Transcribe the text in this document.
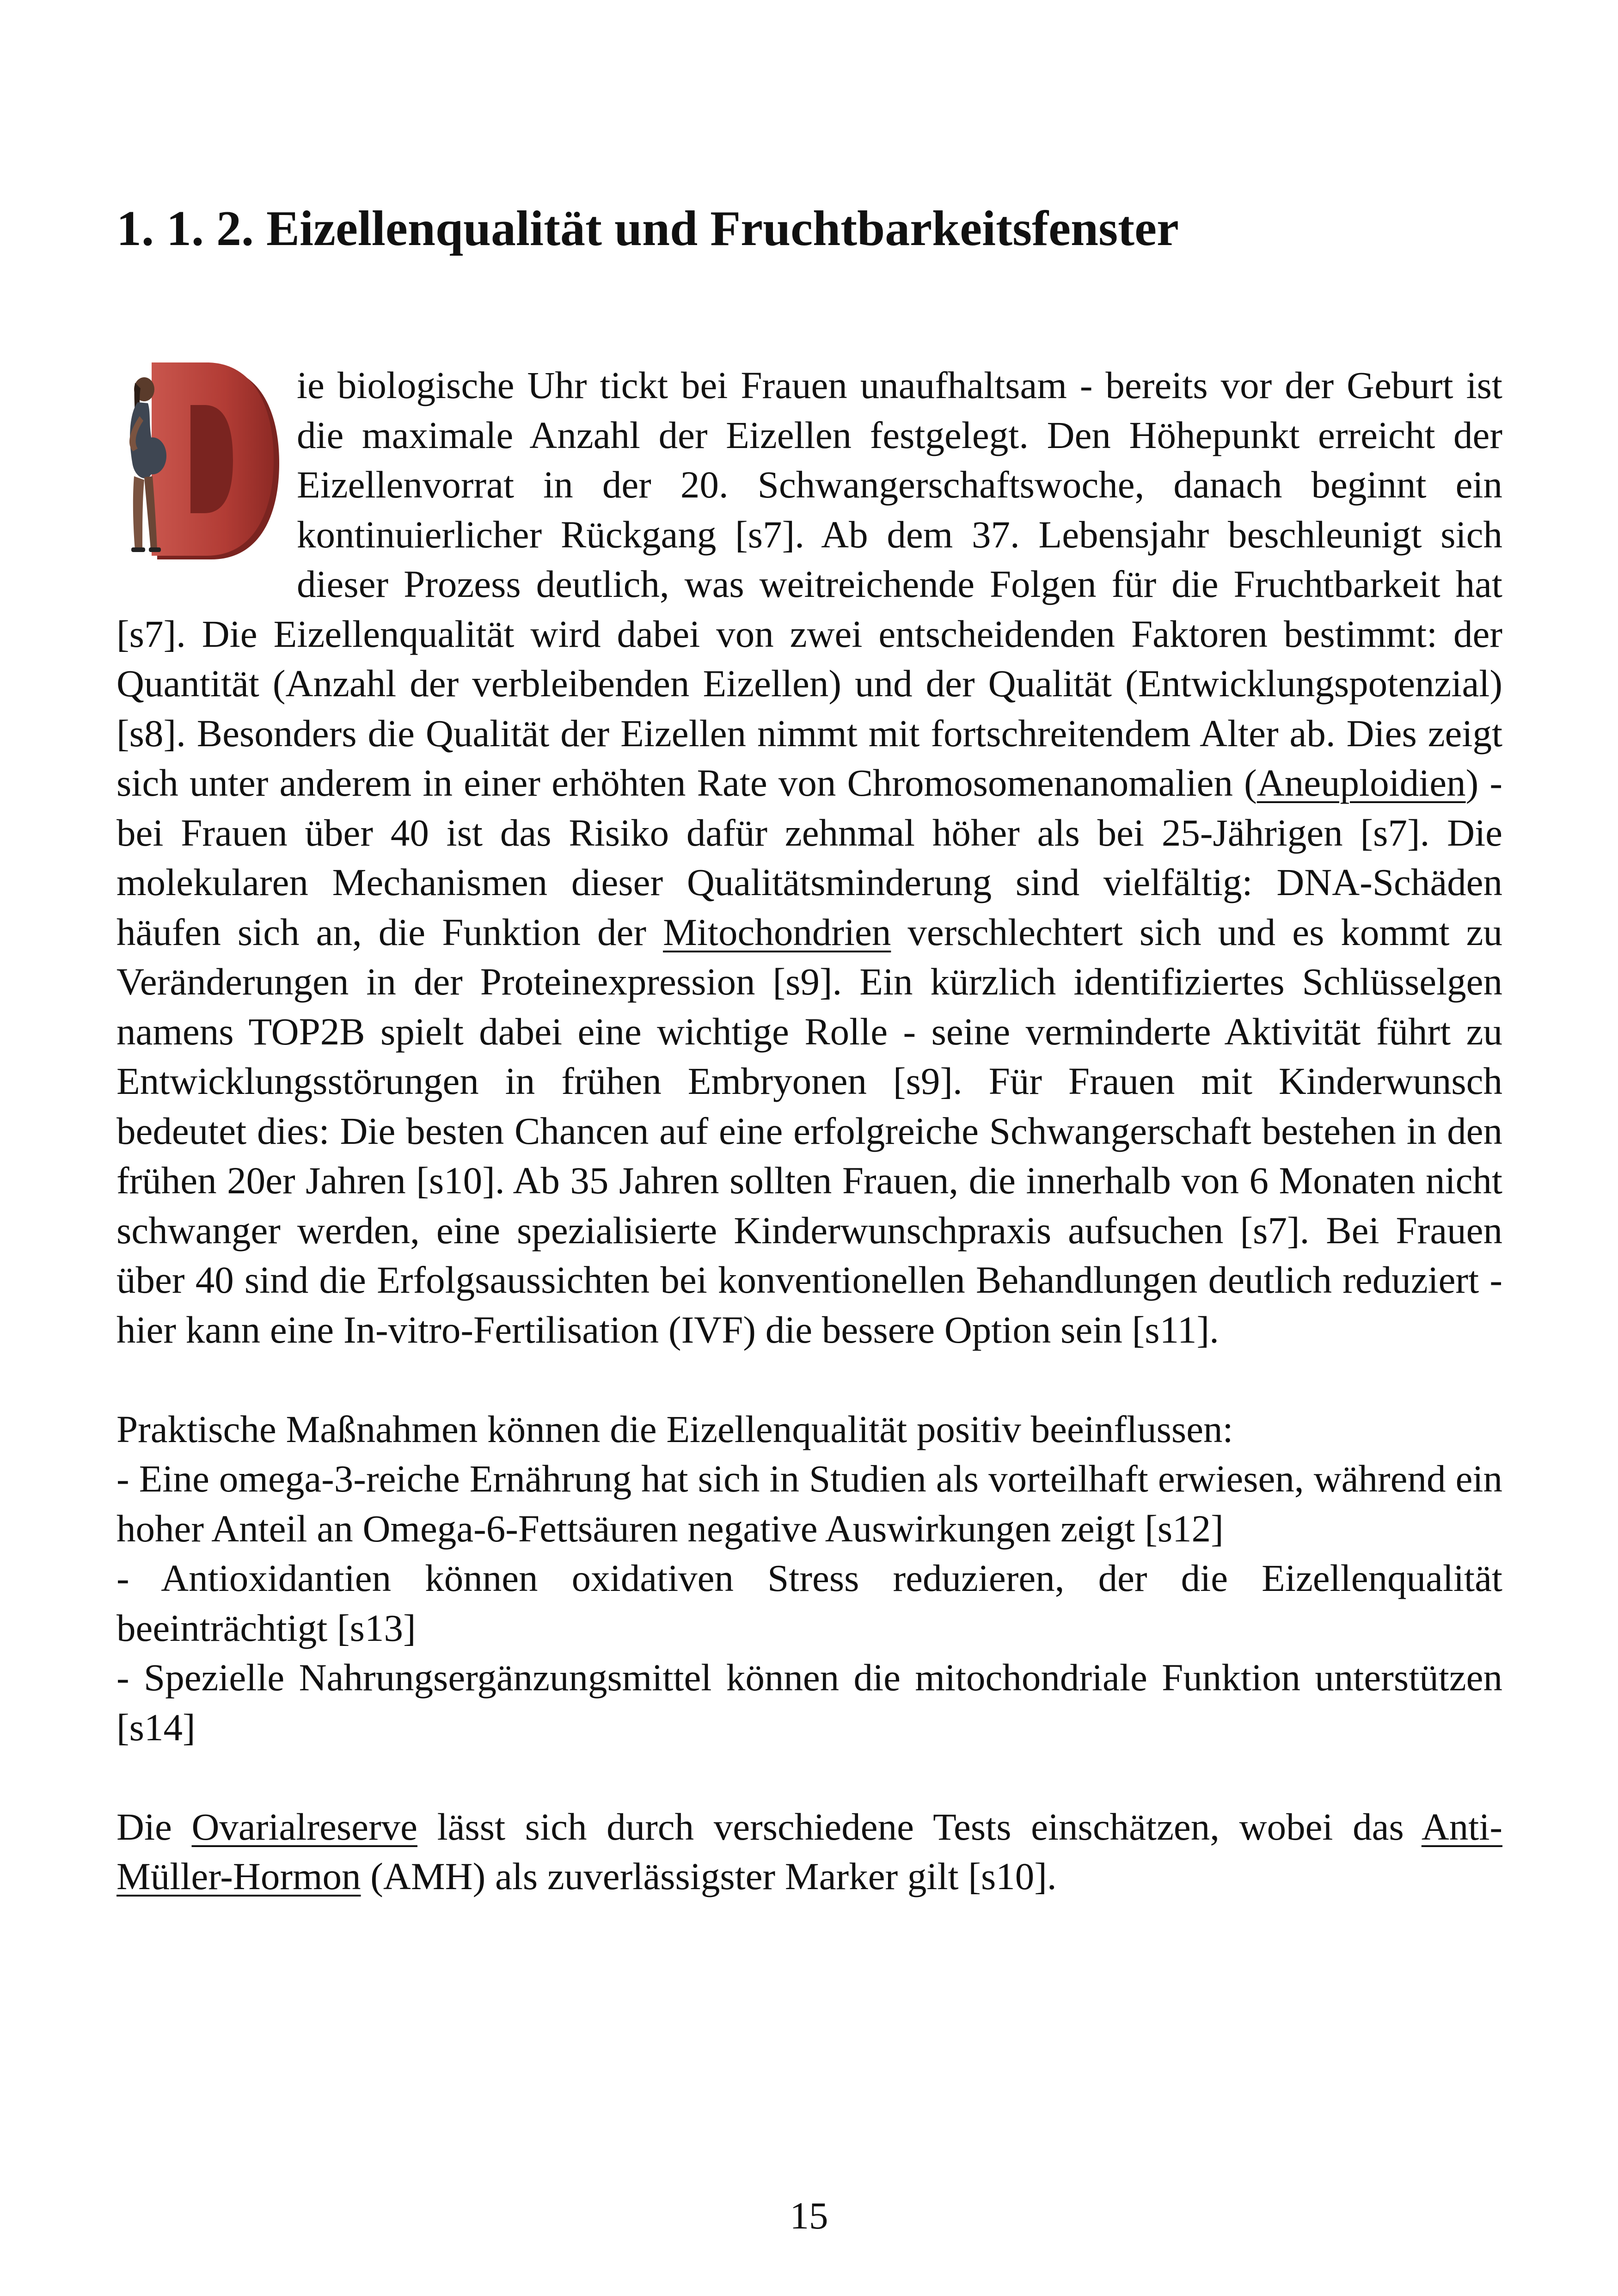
1. 1. 2. Eizellenqualität und Fruchtbarkeitsfenster

ie biologische Uhr tickt bei Frauen unaufhaltsam - bereits vor der Geburt ist die maximale Anzahl der Eizellen festgelegt. Den Höhepunkt erreicht der Eizellenvorrat in der 20. Schwangerschaftswoche, danach beginnt ein kontinuierlicher Rückgang [s7]. Ab dem 37. Lebensjahr beschleunigt sich dieser Prozess deutlich, was weitreichende Folgen für die Fruchtbarkeit hat [s7]. Die Eizellenqualität wird dabei von zwei entscheidenden Faktoren bestimmt: der Quantität (Anzahl der verbleibenden Eizellen) und der Qualität (Entwicklungspotenzial) [s8]. Besonders die Qualität der Eizellen nimmt mit fortschreitendem Alter ab. Dies zeigt sich unter anderem in einer erhöhten Rate von Chromosomenanomalien (Aneuploidien) - bei Frauen über 40 ist das Risiko dafür zehnmal höher als bei 25-Jährigen [s7]. Die molekularen Mechanismen dieser Qualitätsminderung sind vielfältig: DNA-Schäden häufen sich an, die Funktion der Mitochondrien verschlechtert sich und es kommt zu Veränderungen in der Proteinexpression [s9]. Ein kürzlich identifiziertes Schlüsselgen namens TOP2B spielt dabei eine wichtige Rolle - seine verminderte Aktivität führt zu Entwicklungsstörungen in frühen Embryonen [s9]. Für Frauen mit Kinderwunsch bedeutet dies: Die besten Chancen auf eine erfolgreiche Schwangerschaft bestehen in den frühen 20er Jahren [s10]. Ab 35 Jahren sollten Frauen, die innerhalb von 6 Monaten nicht schwanger werden, eine spezialisierte Kinderwunschpraxis aufsuchen [s7]. Bei Frauen über 40 sind die Erfolgsaussichten bei konventionellen Behandlungen deutlich reduziert - hier kann eine In-vitro-Fertilisation (IVF) die bessere Option sein [s11].

Praktische Maßnahmen können die Eizellenqualität positiv beeinflussen:
- Eine omega-3-reiche Ernährung hat sich in Studien als vorteilhaft erwiesen, während ein hoher Anteil an Omega-6-Fettsäuren negative Auswirkungen zeigt [s12]
- Antioxidantien können oxidativen Stress reduzieren, der die Eizellenqualität beeinträchtigt [s13]
- Spezielle Nahrungsergänzungsmittel können die mitochondriale Funktion unterstützen [s14]

Die Ovarialreserve lässt sich durch verschiedene Tests einschätzen, wobei das Anti-Müller-Hormon (AMH) als zuverlässigster Marker gilt [s10].

15
